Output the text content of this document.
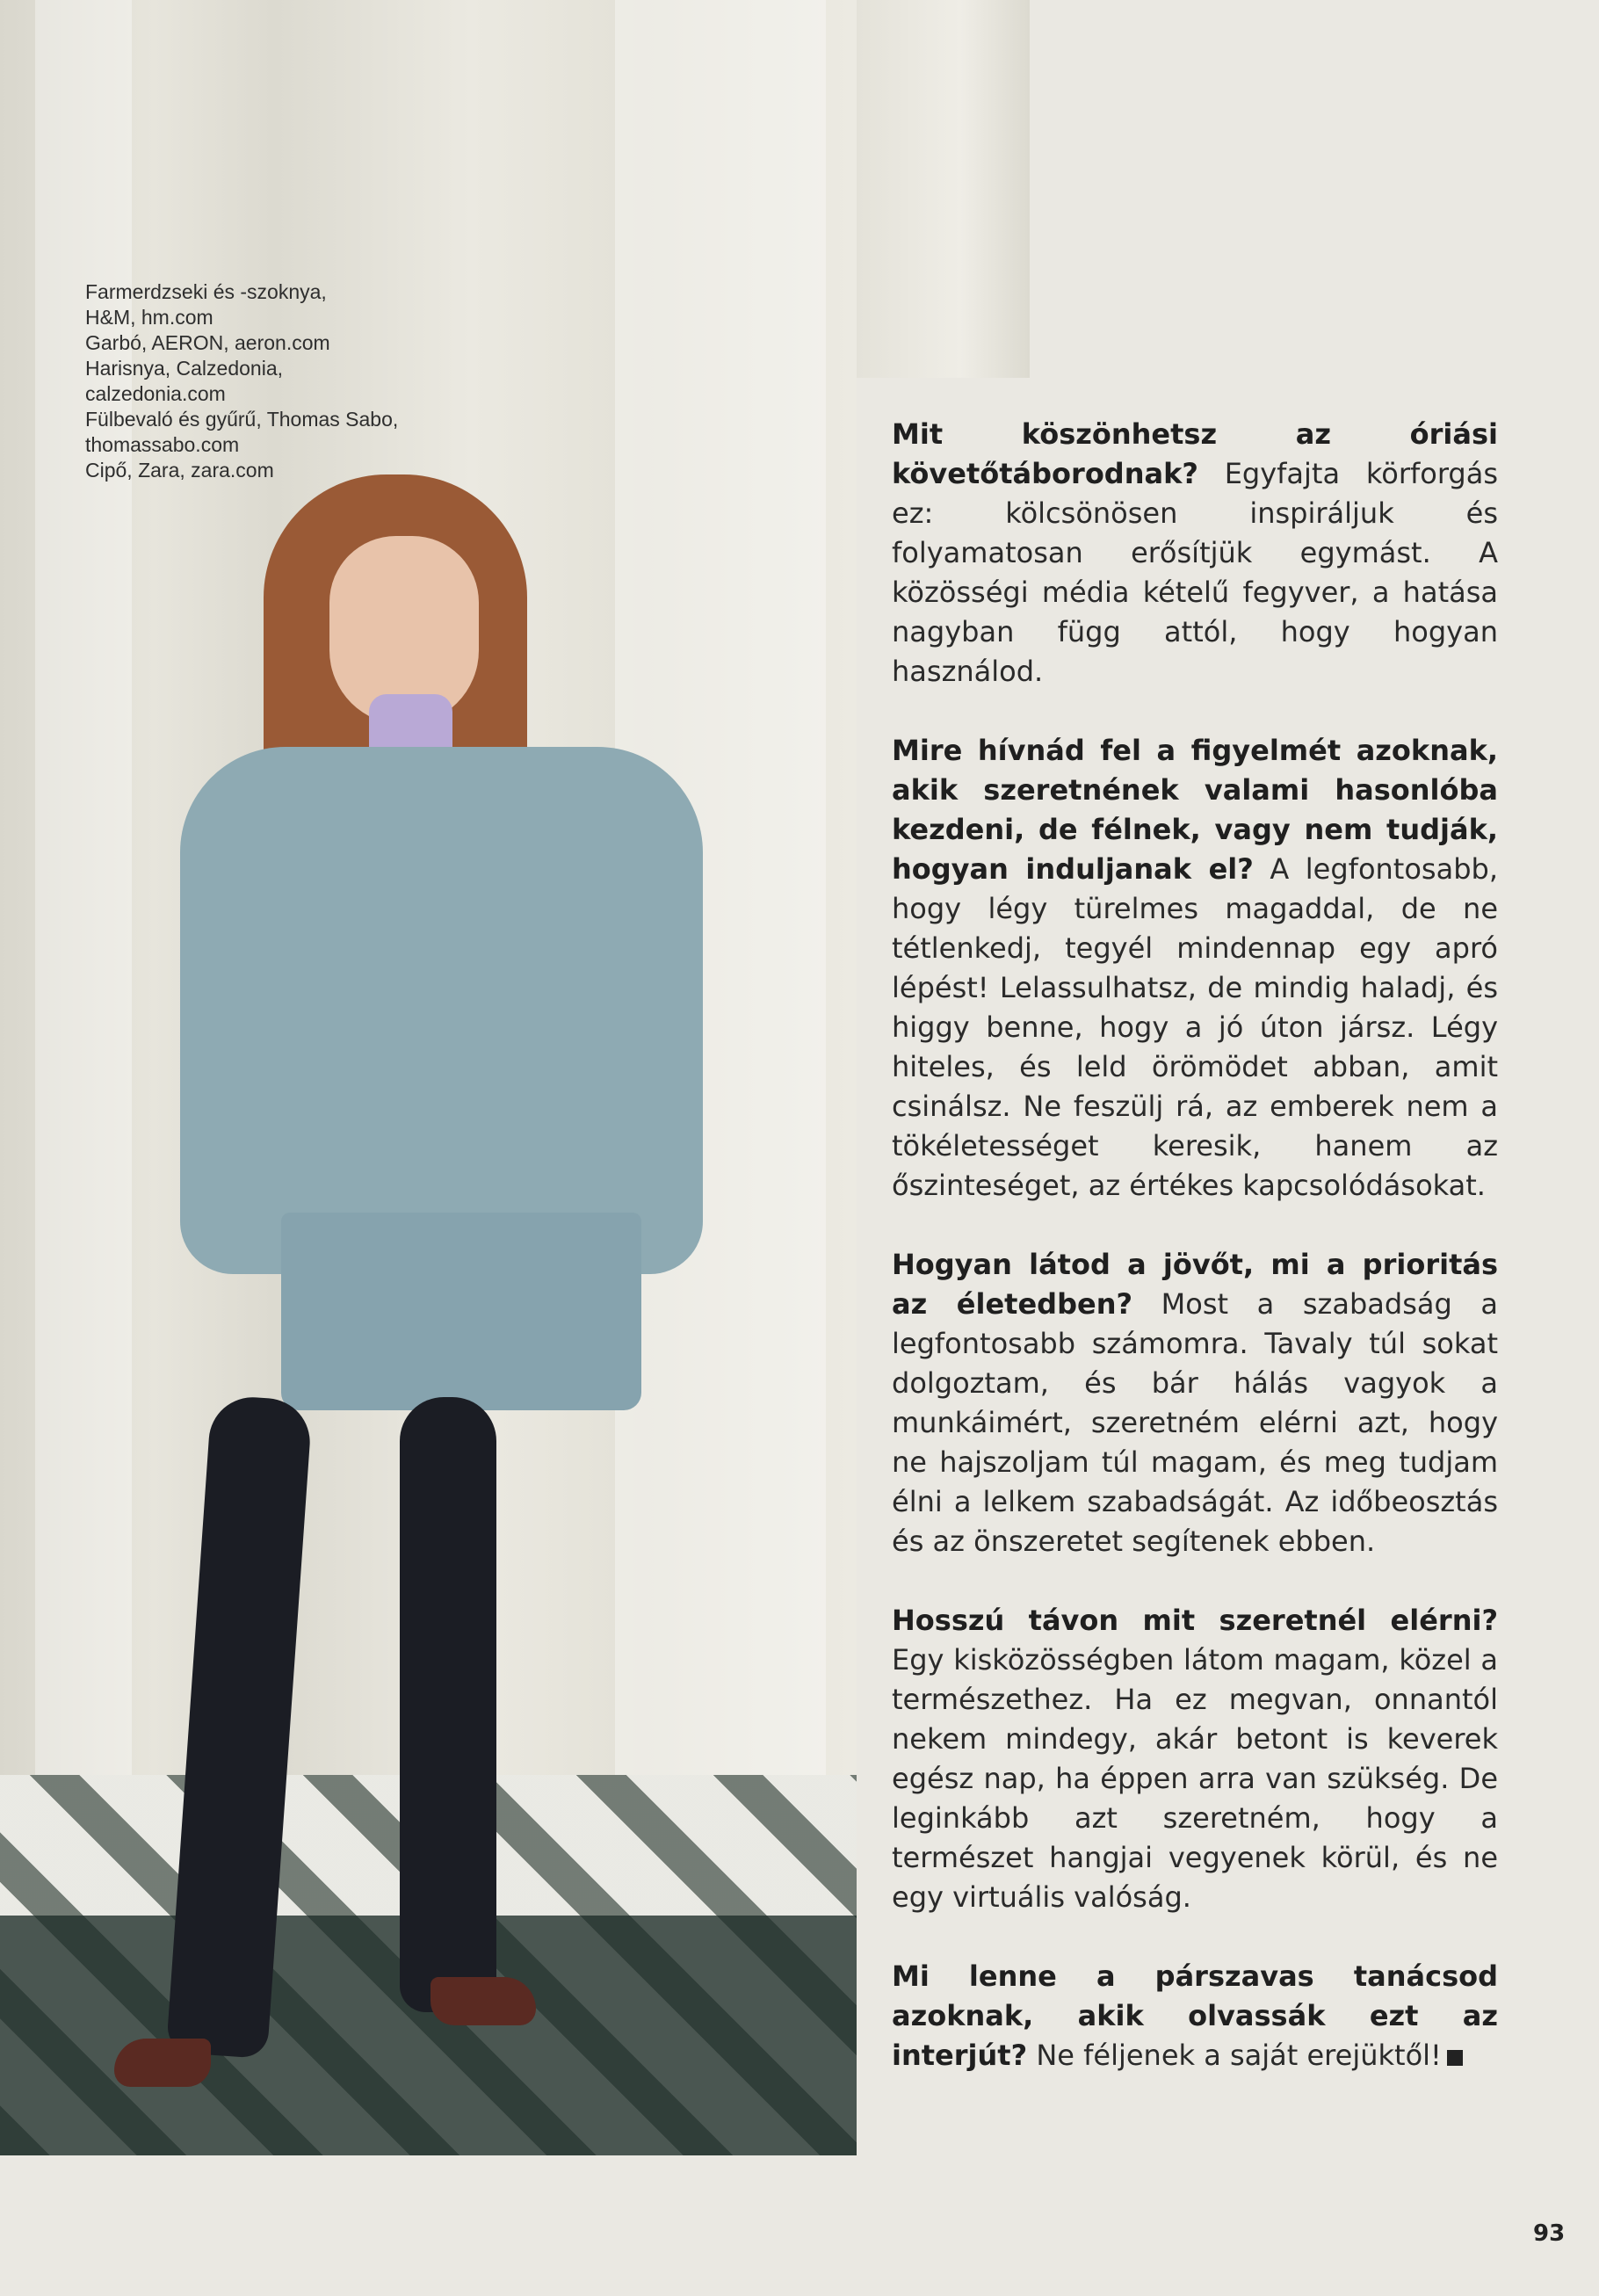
Farmerdzseki és -szoknya,
H&M, hm.com
Garbó, AERON, aeron.com
Harisnya, Calzedonia,
calzedonia.com
Fülbevaló és gyűrű, Thomas Sabo,
thomassabo.com
Cipő, Zara, zara.com

Mit köszönhetsz az óriási követőtáborodnak? Egyfajta körforgás ez: kölcsönösen inspiráljuk és folyamatosan erősítjük egymást. A közösségi média kételű fegyver, a hatása nagyban függ attól, hogy hogyan használod.

Mire hívnád fel a figyelmét azoknak, akik szeretnének valami hasonlóba kezdeni, de félnek, vagy nem tudják, hogyan induljanak el? A legfontosabb, hogy légy türelmes magaddal, de ne tétlenkedj, tegyél mindennap egy apró lépést! Lelassulhatsz, de mindig haladj, és higgy benne, hogy a jó úton jársz. Légy hiteles, és leld örömödet abban, amit csinálsz. Ne feszülj rá, az emberek nem a tökéletességet keresik, hanem az őszinteséget, az értékes kapcsolódásokat.

Hogyan látod a jövőt, mi a prioritás az életedben? Most a szabadság a legfontosabb számomra. Tavaly túl sokat dolgoztam, és bár hálás vagyok a munkáimért, szeretném elérni azt, hogy ne hajszoljam túl magam, és meg tudjam élni a lelkem szabadságát. Az időbeosztás és az önszeretet segítenek ebben.

Hosszú távon mit szeretnél elérni? Egy kisközösségben látom magam, közel a természethez. Ha ez megvan, onnantól nekem mindegy, akár betont is keverek egész nap, ha éppen arra van szükség. De leginkább azt szeretném, hogy a természet hangjai vegyenek körül, és ne egy virtuális valóság.

Mi lenne a párszavas tanácsod azoknak, akik olvassák ezt az interjút? Ne féljenek a saját erejüktől!

93
